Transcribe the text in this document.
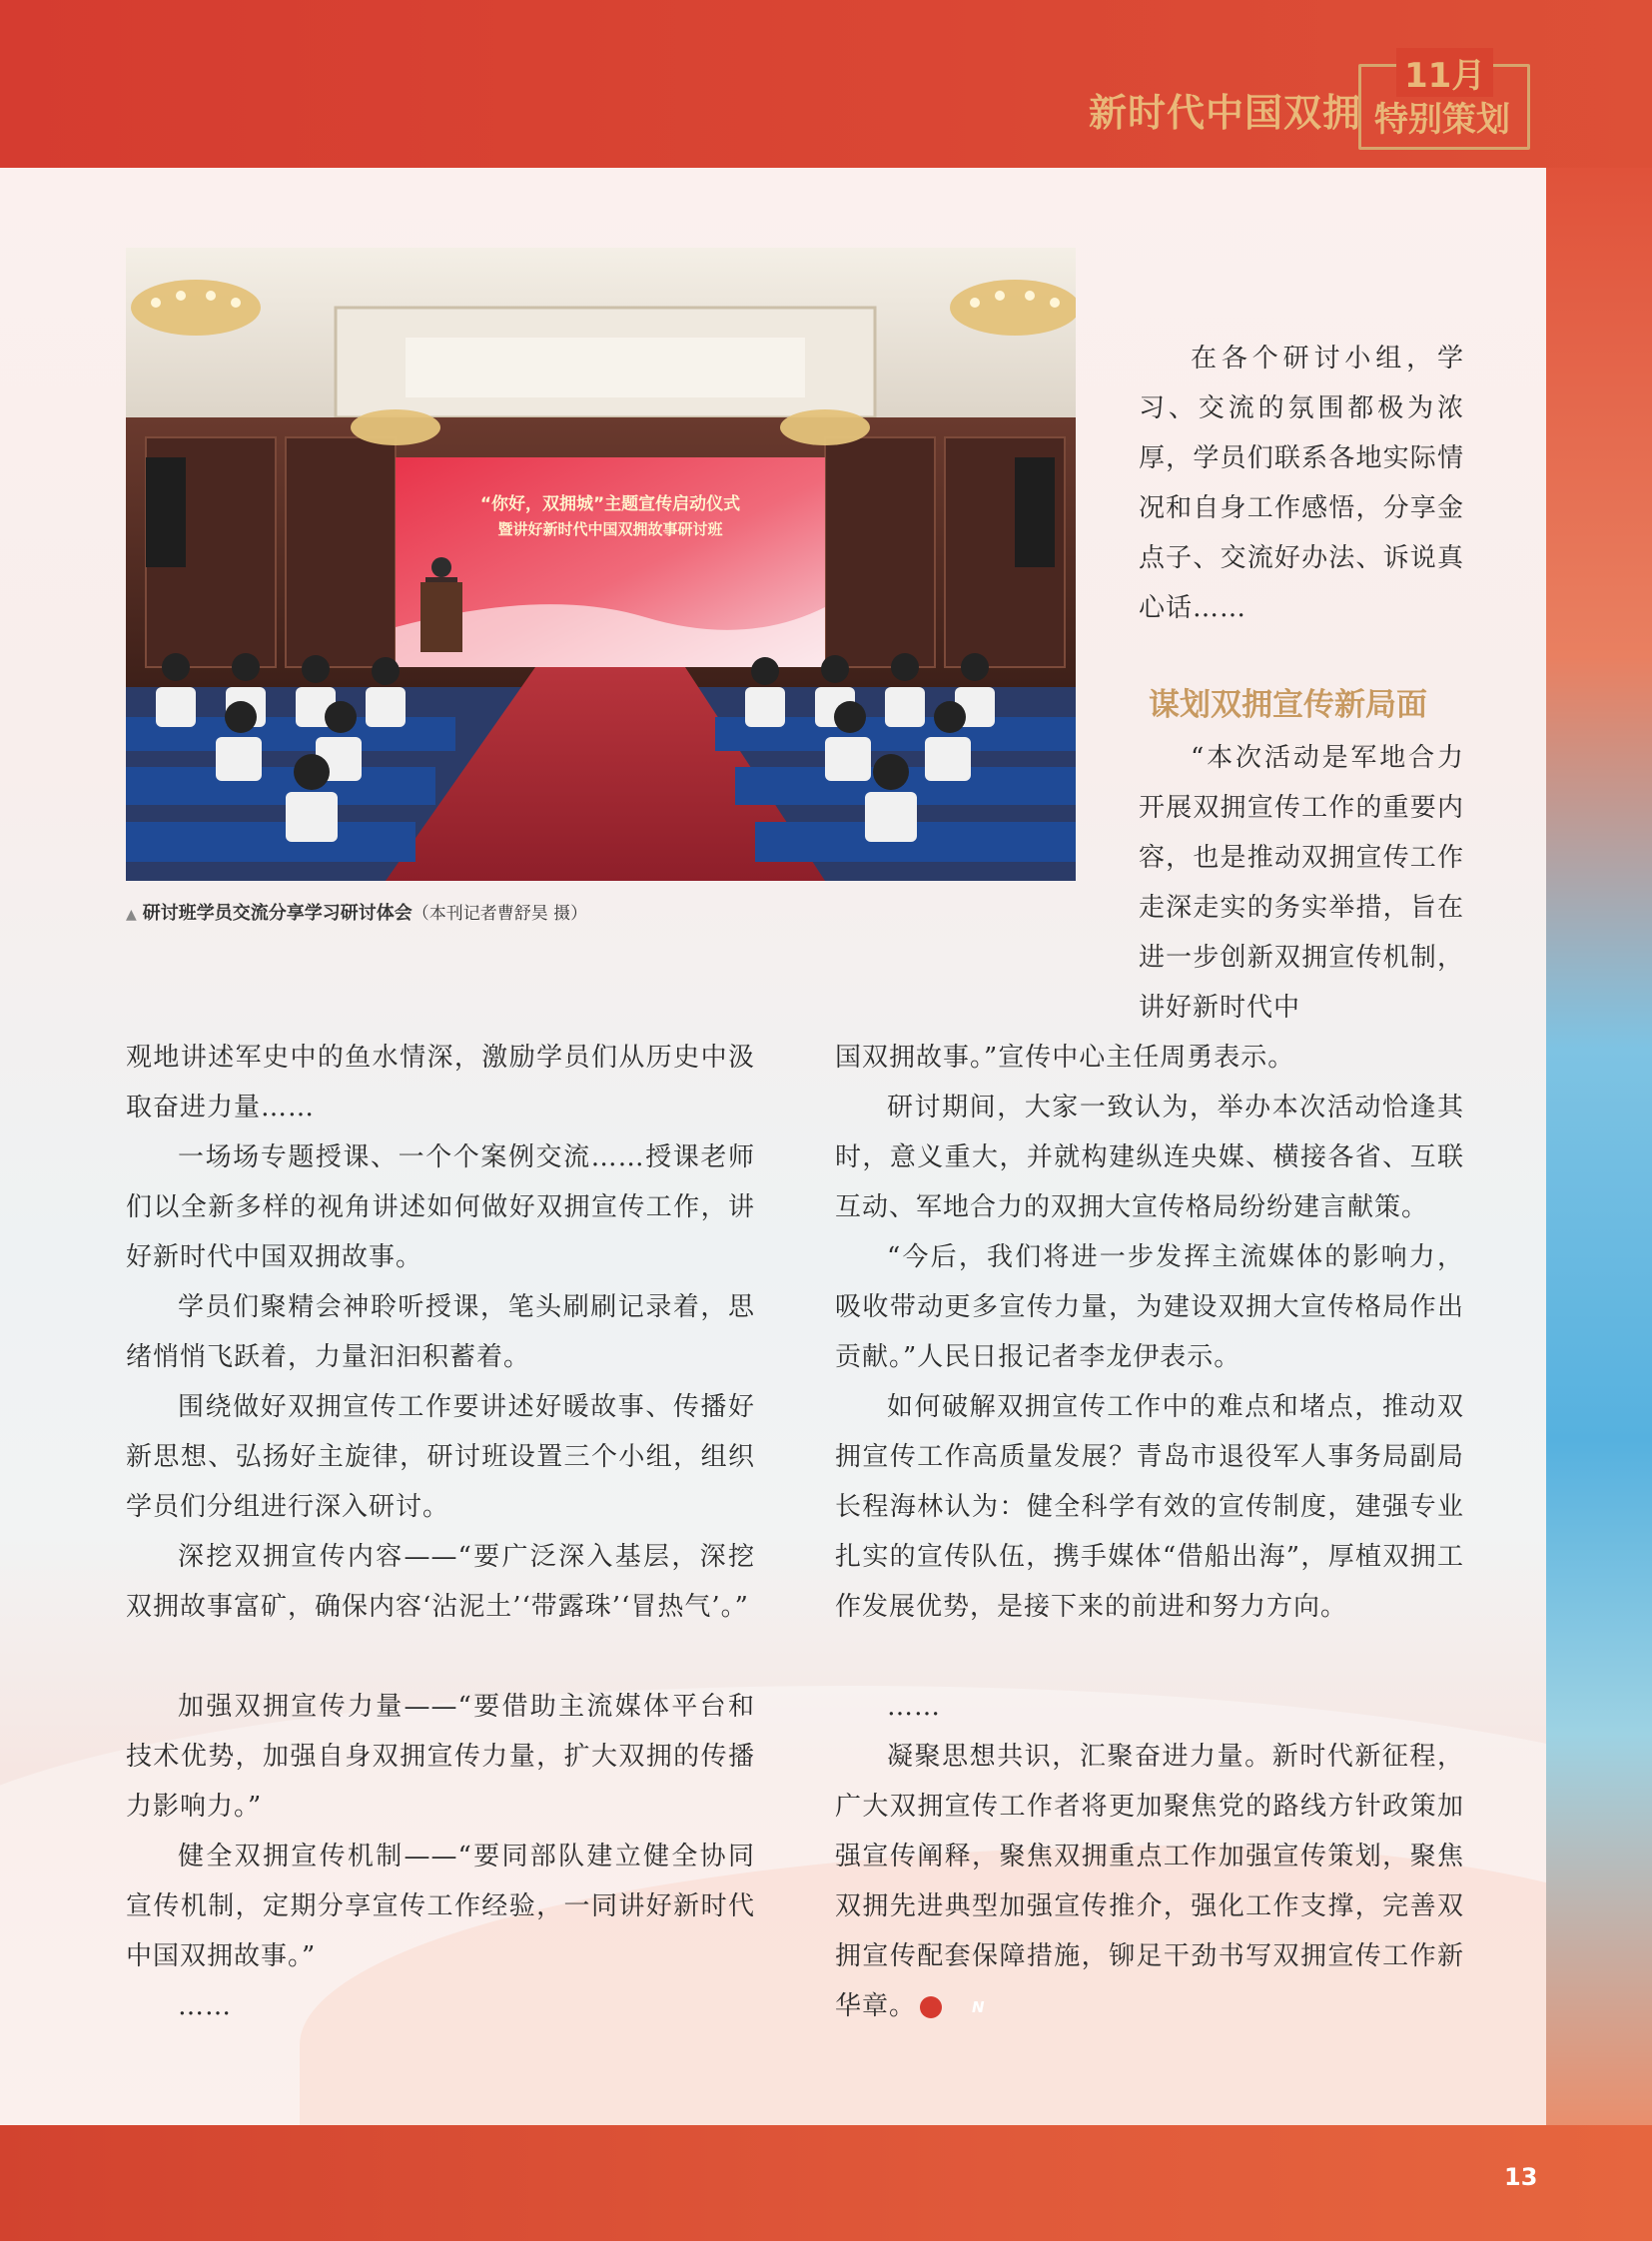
新时代中国双拥
11月
特别策划
“你好，双拥城”主题宣传启动仪式
暨讲好新时代中国双拥故事研讨班
▲ 研讨班学员交流分享学习研讨体会（本刊记者曹舒昊 摄）

在各个研讨小组，学习、交流的氛围都极为浓厚，学员们联系各地实际情况和自身工作感悟，分享金点子、交流好办法、诉说真心话……

谋划双拥宣传新局面

“本次活动是军地合力开展双拥宣传工作的重要内容，也是推动双拥宣传工作走深走实的务实举措，旨在进一步创新双拥宣传机制，讲好新时代中

观地讲述军史中的鱼水情深，激励学员们从历史中汲取奋进力量……

一场场专题授课、一个个案例交流……授课老师们以全新多样的视角讲述如何做好双拥宣传工作，讲好新时代中国双拥故事。

学员们聚精会神聆听授课，笔头刷刷记录着，思绪悄悄飞跃着，力量汩汩积蓄着。

围绕做好双拥宣传工作要讲述好暖故事、传播好新思想、弘扬好主旋律，研讨班设置三个小组，组织学员们分组进行深入研讨。

深挖双拥宣传内容——“要广泛深入基层，深挖双拥故事富矿，确保内容‘沾泥土’‘带露珠’‘冒热气’。”

加强双拥宣传力量——“要借助主流媒体平台和技术优势，加强自身双拥宣传力量，扩大双拥的传播力影响力。”

健全双拥宣传机制——“要同部队建立健全协同宣传机制，定期分享宣传工作经验，一同讲好新时代中国双拥故事。”

……

国双拥故事。”宣传中心主任周勇表示。

研讨期间，大家一致认为，举办本次活动恰逢其时，意义重大，并就构建纵连央媒、横接各省、互联互动、军地合力的双拥大宣传格局纷纷建言献策。

“今后，我们将进一步发挥主流媒体的影响力，吸收带动更多宣传力量，为建设双拥大宣传格局作出贡献。”人民日报记者李龙伊表示。

如何破解双拥宣传工作中的难点和堵点，推动双拥宣传工作高质量发展？青岛市退役军人事务局副局长程海林认为：健全科学有效的宣传制度，建强专业扎实的宣传队伍，携手媒体“借船出海”，厚植双拥工作发展优势，是接下来的前进和努力方向。

……

凝聚思想共识，汇聚奋进力量。新时代新征程，广大双拥宣传工作者将更加聚焦党的路线方针政策加强宣传阐释，聚焦双拥重点工作加强宣传策划，聚焦双拥先进典型加强宣传推介，强化工作支撑，完善双拥宣传配套保障措施，铆足干劲书写双拥宣传工作新华章。	N
13
